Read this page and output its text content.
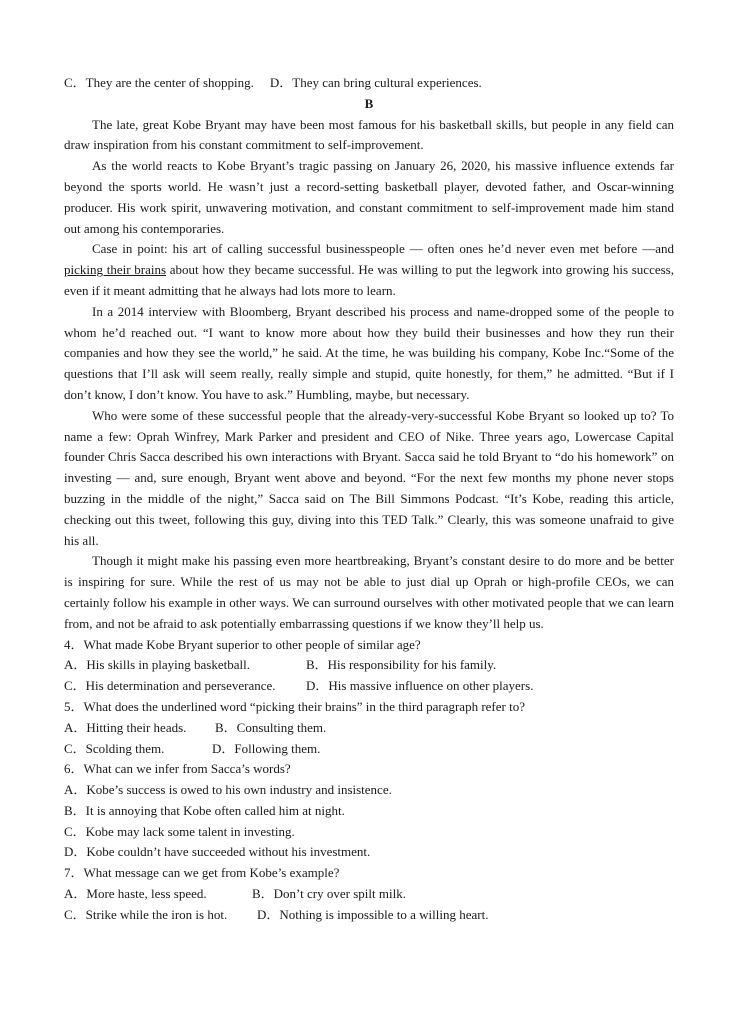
C．They are the center of shopping. D．They can bring cultural experiences.

B

The late, great Kobe Bryant may have been most famous for his basketball skills, but people in any field can draw inspiration from his constant commitment to self-improvement.

As the world reacts to Kobe Bryant’s tragic passing on January 26, 2020, his massive influence extends far beyond the sports world. He wasn’t just a record-setting basketball player, devoted father, and Oscar-winning producer. His work spirit, unwavering motivation, and constant commitment to self-improvement made him stand out among his contemporaries.

Case in point: his art of calling successful businesspeople — often ones he’d never even met before —and picking their brains about how they became successful. He was willing to put the legwork into growing his success, even if it meant admitting that he always had lots more to learn.

In a 2014 interview with Bloomberg, Bryant described his process and name-dropped some of the people to whom he’d reached out. “I want to know more about how they build their businesses and how they run their companies and how they see the world,” he said. At the time, he was building his company, Kobe Inc.“Some of the questions that I’ll ask will seem really, really simple and stupid, quite honestly, for them,” he admitted. “But if I don’t know, I don’t know. You have to ask.” Humbling, maybe, but necessary.

Who were some of these successful people that the already-very-successful Kobe Bryant so looked up to? To name a few: Oprah Winfrey, Mark Parker and president and CEO of Nike. Three years ago, Lowercase Capital founder Chris Sacca described his own interactions with Bryant. Sacca said he told Bryant to “do his homework” on investing — and, sure enough, Bryant went above and beyond. “For the next few months my phone never stops buzzing in the middle of the night,” Sacca said on The Bill Simmons Podcast. “It’s Kobe, reading this article, checking out this tweet, following this guy, diving into this TED Talk.” Clearly, this was someone unafraid to give his all.

Though it might make his passing even more heartbreaking, Bryant’s constant desire to do more and be better is inspiring for sure. While the rest of us may not be able to just dial up Oprah or high-profile CEOs, we can certainly follow his example in other ways. We can surround ourselves with other motivated people that we can learn from, and not be afraid to ask potentially embarrassing questions if we know they’ll help us.

4．What made Kobe Bryant superior to other people of similar age?

A．His skills in playing basketball.	B．His responsibility for his family.

C．His determination and perseverance.	D．His massive influence on other players.

5．What does the underlined word “picking their brains” in the third paragraph refer to?

A．Hitting their heads.	B．Consulting them.

C．Scolding them.	D．Following them.

6．What can we infer from Sacca’s words?

A．Kobe’s success is owed to his own industry and insistence.

B．It is annoying that Kobe often called him at night.

C．Kobe may lack some talent in investing.

D．Kobe couldn’t have succeeded without his investment.

7．What message can we get from Kobe’s example?

A．More haste, less speed.	B．Don’t cry over spilt milk.

C．Strike while the iron is hot.	D．Nothing is impossible to a willing heart.
